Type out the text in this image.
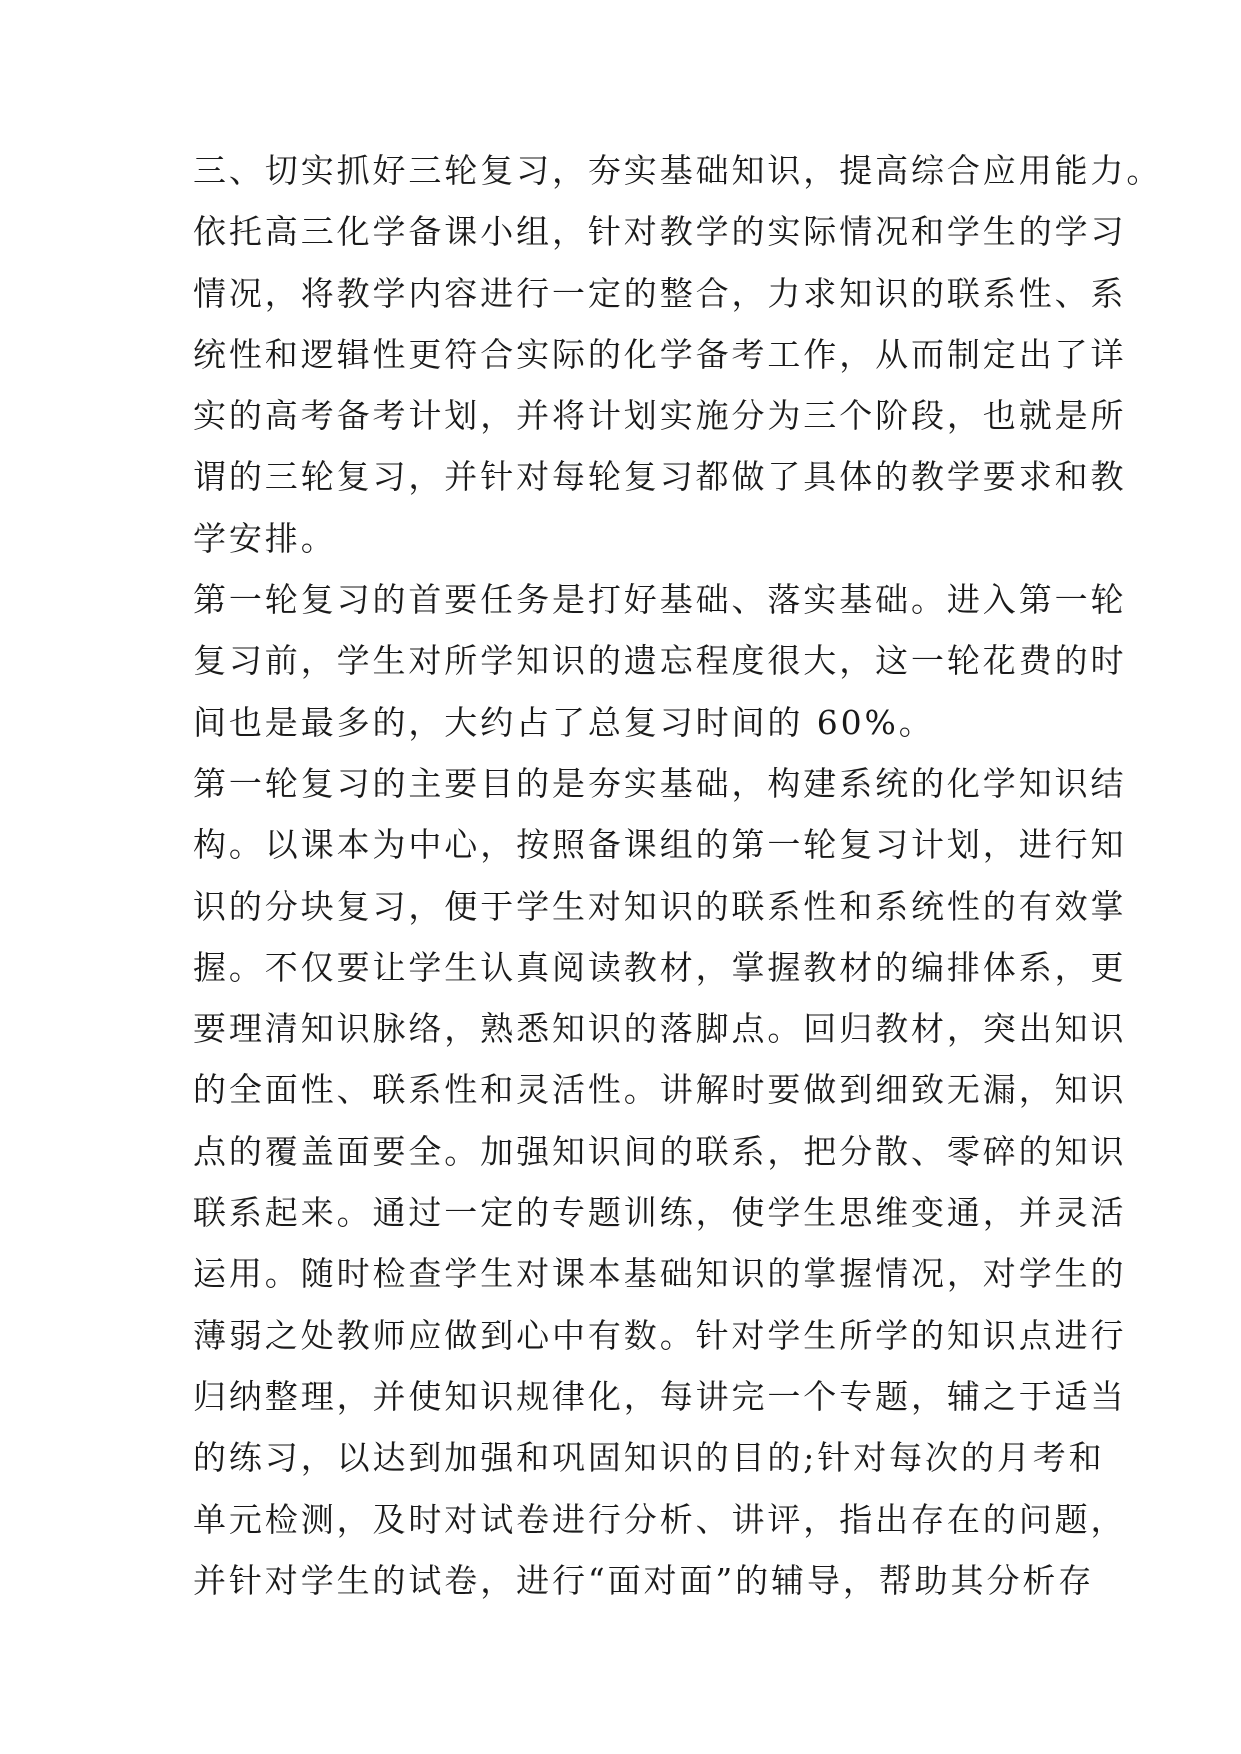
三、切实抓好三轮复习，夯实基础知识，提高综合应用能力。
依托高三化学备课小组，针对教学的实际情况和学生的学习
情况，将教学内容进行一定的整合，力求知识的联系性、系
统性和逻辑性更符合实际的化学备考工作，从而制定出了详
实的高考备考计划，并将计划实施分为三个阶段，也就是所
谓的三轮复习，并针对每轮复习都做了具体的教学要求和教
学安排。
第一轮复习的首要任务是打好基础、落实基础。进入第一轮
复习前，学生对所学知识的遗忘程度很大，这一轮花费的时
间也是最多的，大约占了总复习时间的 60%。
第一轮复习的主要目的是夯实基础，构建系统的化学知识结
构。以课本为中心，按照备课组的第一轮复习计划，进行知
识的分块复习，便于学生对知识的联系性和系统性的有效掌
握。不仅要让学生认真阅读教材，掌握教材的编排体系，更
要理清知识脉络，熟悉知识的落脚点。回归教材，突出知识
的全面性、联系性和灵活性。讲解时要做到细致无漏，知识
点的覆盖面要全。加强知识间的联系，把分散、零碎的知识
联系起来。通过一定的专题训练，使学生思维变通，并灵活
运用。随时检查学生对课本基础知识的掌握情况，对学生的
薄弱之处教师应做到心中有数。针对学生所学的知识点进行
归纳整理，并使知识规律化，每讲完一个专题，辅之于适当
的练习，以达到加强和巩固知识的目的;针对每次的月考和
单元检测，及时对试卷进行分析、讲评，指出存在的问题，
并针对学生的试卷，进行“面对面”的辅导，帮助其分析存
